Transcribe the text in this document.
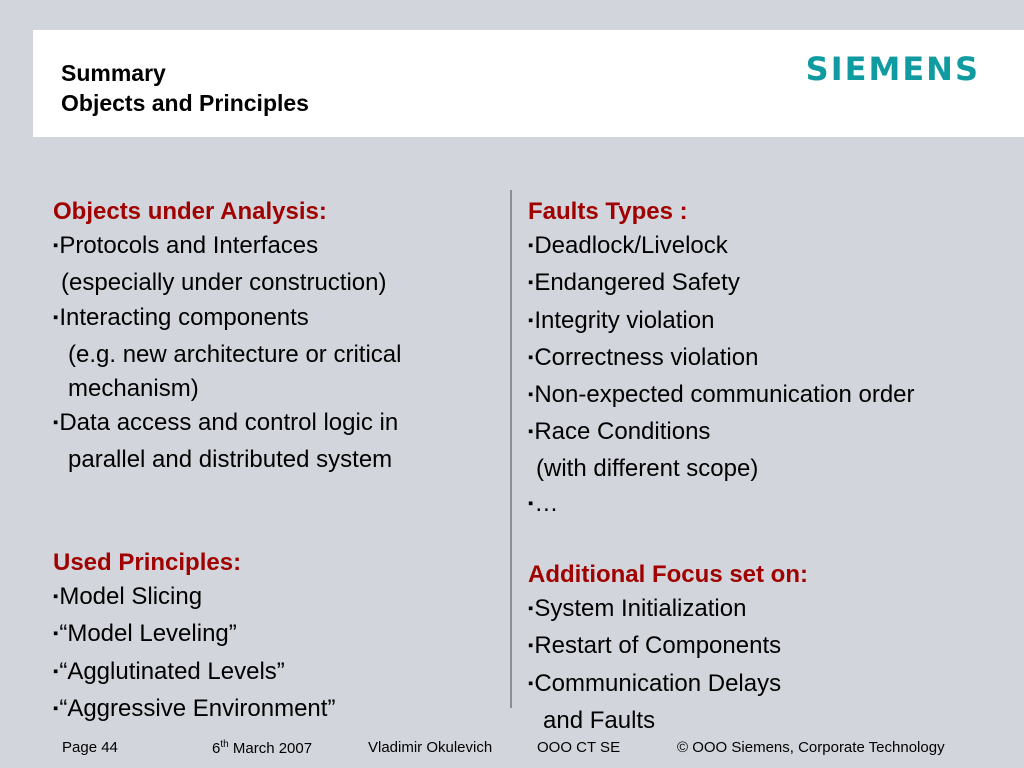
Summary
Objects and Principles
SIEMENS
Objects under Analysis:
▪ Protocols and Interfaces
(especially under construction)
▪ Interacting components
(e.g. new architecture or critical
mechanism)
▪ Data access and control logic in
parallel and distributed system
Used Principles:
▪ Model Slicing
▪ “Model Leveling”
▪ “Agglutinated Levels”
▪ “Aggressive Environment”
Faults Types :
▪ Deadlock/Livelock
▪ Endangered Safety
▪ Integrity violation
▪ Correctness violation
▪ Non-expected communication order
▪ Race Conditions
(with different scope)
▪ …
Additional Focus set on:
▪ System Initialization
▪ Restart of Components
▪ Communication Delays
and Faults
Page 44	6th March 2007	Vladimir Okulevich	OOO CT SE	© OOO Siemens, Corporate Technology
